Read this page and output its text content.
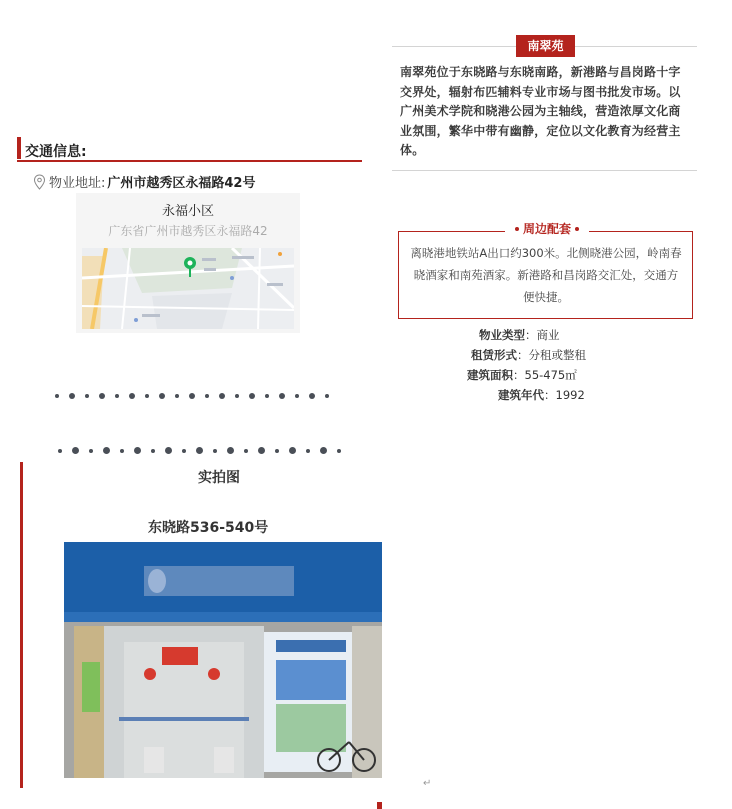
南翠苑
南翠苑位于东晓路与东晓南路，新港路与昌岗路十字交界处，辐射布匹辅料专业市场与图书批发市场。以广州美术学院和晓港公园为主轴线，营造浓厚文化商业氛围，繁华中带有幽静，定位以文化教育为经营主体。
交通信息:
物业地址: 广州市越秀区永福路42号
永福小区
广东省广州市越秀区永福路42	周边配套
离晓港地铁站A出口约300米。北侧晓港公园，岭南春晓酒家和南苑酒家。新港路和昌岗路交汇处，交通方便快捷。
物业类型：商业
租赁形式：分租或整租
建筑面积：55-475㎡
建筑年代：1992
实拍图
东晓路536-540号
↵
